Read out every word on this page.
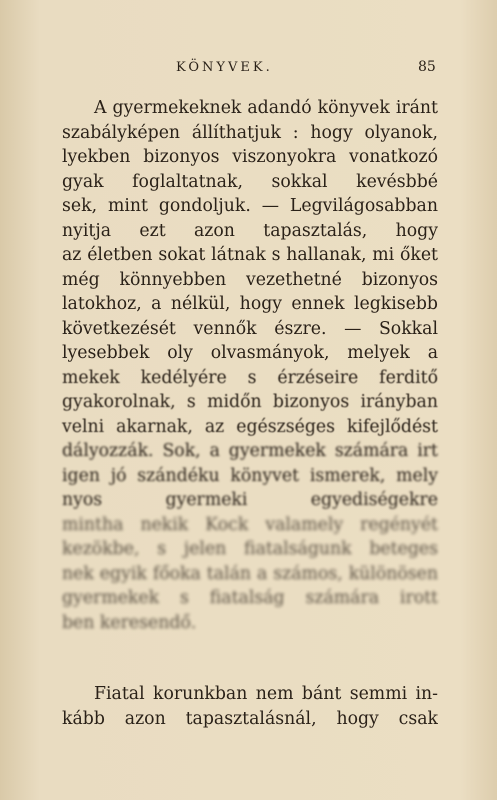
KÖNYVEK.	85
A gyermekeknek adandó könyvek iránt
szabályképen állíthatjuk : hogy olyanok,
lyekben bizonyos viszonyokra vonatkozó
gyak foglaltatnak, sokkal kevésbbé
sek, mint gondoljuk. — Legvilágosabban
nyitja ezt azon tapasztalás, hogy
az életben sokat látnak s hallanak, mi őket
még könnyebben vezethetné bizonyos
latokhoz, a nélkül, hogy ennek legkisebb
következését vennők észre. — Sokkal
lyesebbek oly olvasmányok, melyek a
mekek kedélyére s érzéseire ferditő
gyakorolnak, s midőn bizonyos irányban
velni akarnak, az egészséges kifejlődést
dályozzák. Sok, a gyermekek számára irt
igen jó szándéku könyvet ismerek, mely
nyos gyermeki egyediségekre
mintha nekik Kock valamely regényét
kezökbe, s jelen fiatalságunk beteges
nek egyik főoka talán a számos, különösen
gyermekek s fiatalság számára irott
ben keresendő.
Fiatal korunkban nem bánt semmi in-
kább azon tapasztalásnál, hogy csak
